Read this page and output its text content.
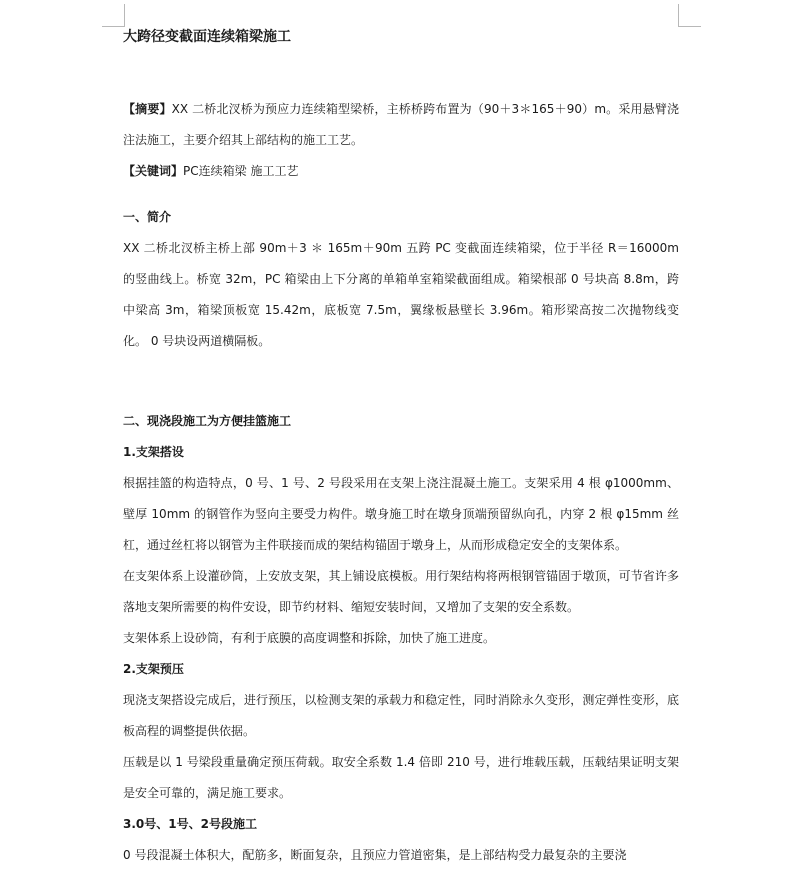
大跨径变截面连续箱梁施工
【摘要】XX 二桥北汊桥为预应力连续箱型梁桥，主桥桥跨布置为（90＋3＊165＋90）m。采用悬臂浇注法施工，主要介绍其上部结构的施工工艺。
【关键词】PC连续箱梁 施工工艺
一、简介
XX 二桥北汊桥主桥上部 90m＋3 ＊ 165m＋90m 五跨 PC 变截面连续箱梁，位于半径 R＝16000m 的竖曲线上。桥宽 32m，PC 箱梁由上下分离的单箱单室箱梁截面组成。箱梁根部 0 号块高 8.8m，跨中梁高 3m，箱梁顶板宽 15.42m，底板宽 7.5m，翼缘板悬壁长 3.96m。箱形梁高按二次抛物线变化。 0 号块设两道横隔板。
二、现浇段施工为方便挂篮施工
1.支架搭设
根据挂篮的构造特点，0 号、1 号、2 号段采用在支架上浇注混凝土施工。支架采用 4 根 φ1000mm、壁厚 10mm 的钢管作为竖向主要受力构件。墩身施工时在墩身顶端预留纵向孔，内穿 2 根 φ15mm 丝杠，通过丝杠将以钢管为主件联接而成的架结构锚固于墩身上，从而形成稳定安全的支架体系。
在支架体系上设灌砂筒，上安放支架，其上铺设底模板。用行架结构将两根钢管锚固于墩顶，可节省许多落地支架所需要的构件安设，即节约材料、缩短安装时间，又增加了支架的安全系数。
支架体系上设砂筒，有利于底膜的高度调整和拆除，加快了施工进度。
2.支架预压
现浇支架搭设完成后，进行预压，以检测支架的承载力和稳定性，同时消除永久变形，测定弹性变形，底板高程的调整提供依据。
压载是以 1 号梁段重量确定预压荷载。取安全系数 1.4 倍即 210 号，进行堆载压载，压载结果证明支架是安全可靠的，满足施工要求。
3.0号、1号、2号段施工
0 号段混凝土体积大，配筋多，断面复杂，且预应力管道密集，是上部结构受力最复杂的主要浇
